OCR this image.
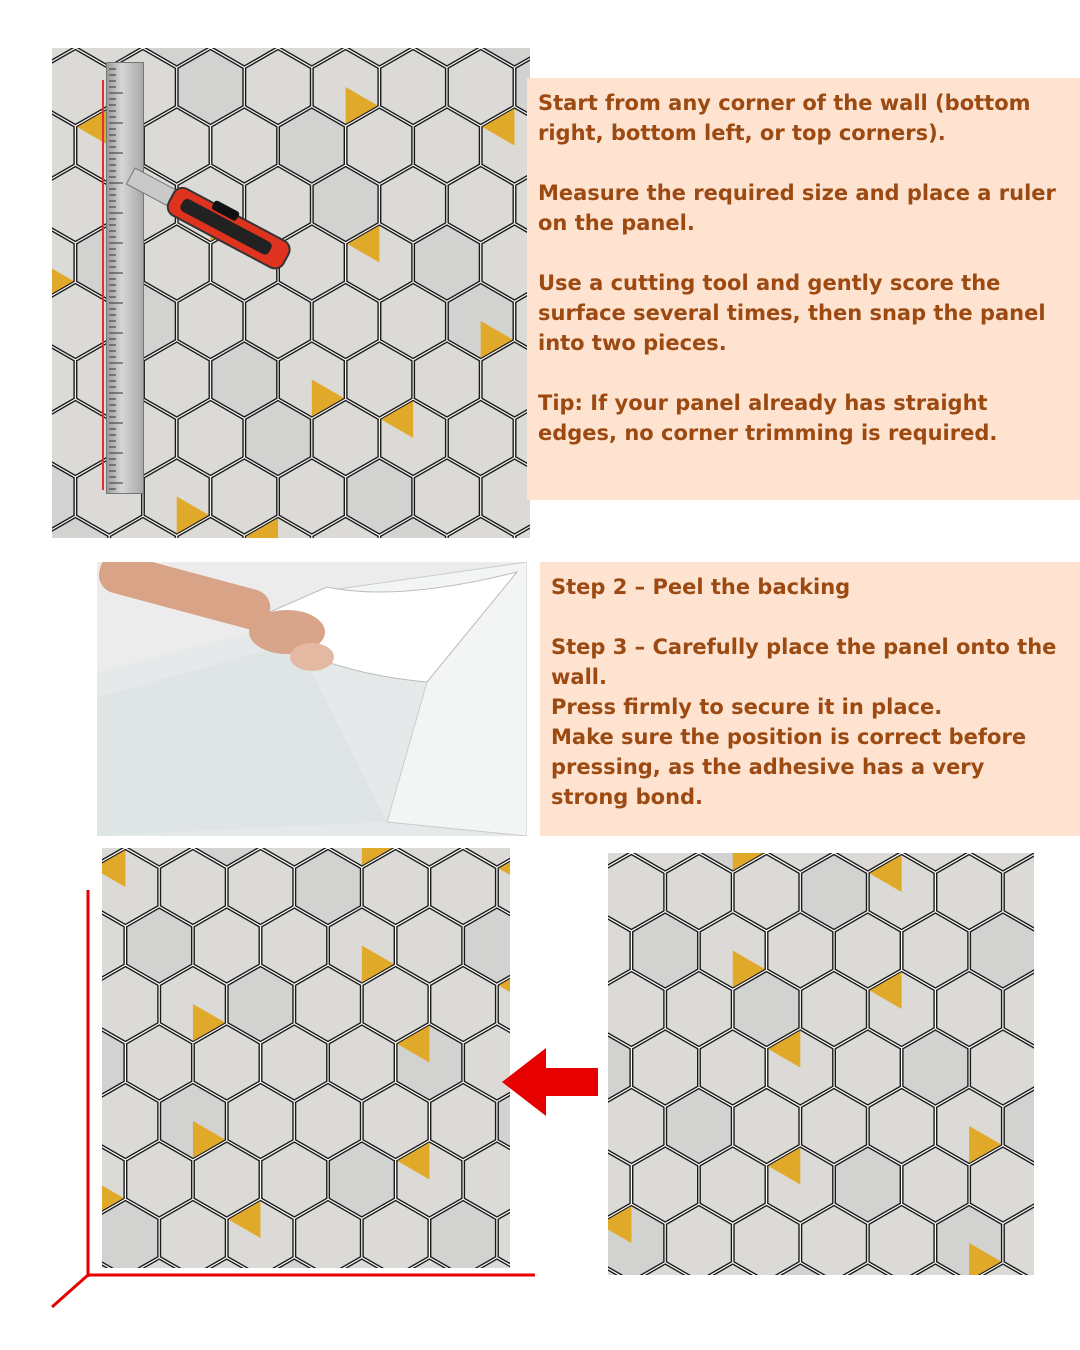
Start from any corner of the wall (bottom right, bottom left, or top corners).

Measure the required size and place a ruler on the panel.

Use a cutting tool and gently score the surface several times, then snap the panel into two pieces.

Tip: If your panel already has straight edges, no corner trimming is required.

Step 2 – Peel the backing

Step 3 – Carefully place the panel onto the wall.
Press firmly to secure it in place.
Make sure the position is correct before pressing, as the adhesive has a very strong bond.
